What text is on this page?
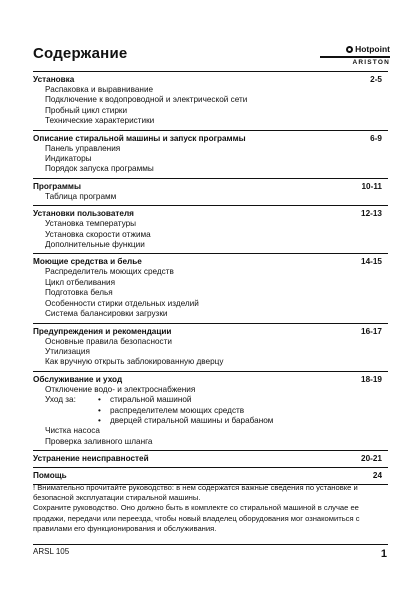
Содержание	Hotpoint
ARISTON
Установка	2-5
Распаковка и выравнивание
Подключение к водопроводной и электрической сети
Пробный цикл стирки
Технические характеристики
Описание стиральной машины и запуск программы	6-9
Панель управления
Индикаторы
Порядок запуска программы
Программы	10-11
Таблица программ
Установки пользователя	12-13
Установка температуры
Установка скорости отжима
Дополнительные функции
Моющие средства и белье	14-15
Распределитель моющих средств
Цикл отбеливания
Подготовка белья
Особенности стирки отдельных изделий
Система балансировки загрузки
Предупреждения и рекомендации	16-17
Основные правила безопасности
Утилизация
Как вручную открыть заблокированную дверцу
Обслуживание и уход	18-19
Отключение водо- и электроснабжения
Уход за:	•	стиральной машиной
•	распределителем моющих средств
•	дверцей стиральной машины и барабаном
Чистка насоса
Проверка заливного шланга
Устранение неисправностей	20-21
Помощь	24

! Внимательно прочитайте руководство: в нем содержатся важные сведения по установке и безопасной эксплуатации стиральной машины.

Сохраните руководство. Оно должно быть в комплекте со стиральной машиной в случае ее продажи, передачи или переезда, чтобы новый владелец оборудования мог ознакомиться с правилами его функционирования и обслуживания.

ARSL 105	1
